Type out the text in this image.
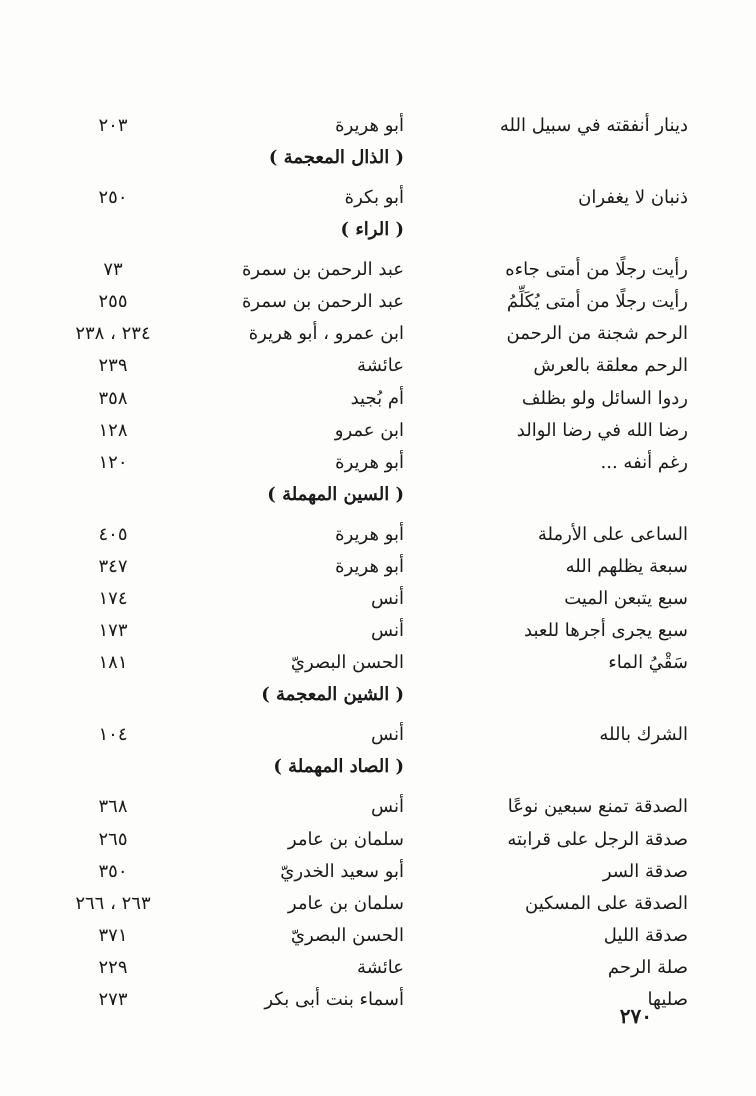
دينار أنفقته في سبيل الله
أبو هريرة
٢٠٣
( الذال المعجمة )
ذنبان لا يغفران
أبو بكرة
٢٥٠
( الراء )
رأيت رجلًا من أمتى جاءه
عبد الرحمن بن سمرة
٧٣
رأيت رجلًا من أمتى يُكَلِّمُ
عبد الرحمن بن سمرة
٢٥٥
الرحم شجنة من الرحمن
ابن عمرو ، أبو هريرة
٢٣٤ ، ٢٣٨
الرحم معلقة بالعرش
عائشة
٢٣٩
ردوا السائل ولو بظلف
أم بُجيد
٣٥٨
رضا الله في رضا الوالد
ابن عمرو
١٢٨
رغم أنفه ...
أبو هريرة
١٢٠
( السين المهملة )
الساعى على الأرملة
أبو هريرة
٤٠٥
سبعة يظلهم الله
أبو هريرة
٣٤٧
سبع يتبعن الميت
أنس
١٧٤
سبع يجرى أجرها للعبد
أنس
١٧٣
سَقْيُ الماء
الحسن البصريّ
١٨١
( الشين المعجمة )
الشرك بالله
أنس
١٠٤
( الصاد المهملة )
الصدقة تمنع سبعين نوعًا
أنس
٣٦٨
صدقة الرجل على قرابته
سلمان بن عامر
٢٦٥
صدقة السر
أبو سعيد الخدريّ
٣٥٠
الصدقة على المسكين
سلمان بن عامر
٢٦٣ ، ٢٦٦
صدقة الليل
الحسن البصريّ
٣٧١
صلة الرحم
عائشة
٢٢٩
صليها
أسماء بنت أبى بكر
٢٧٣
٢٧٠
